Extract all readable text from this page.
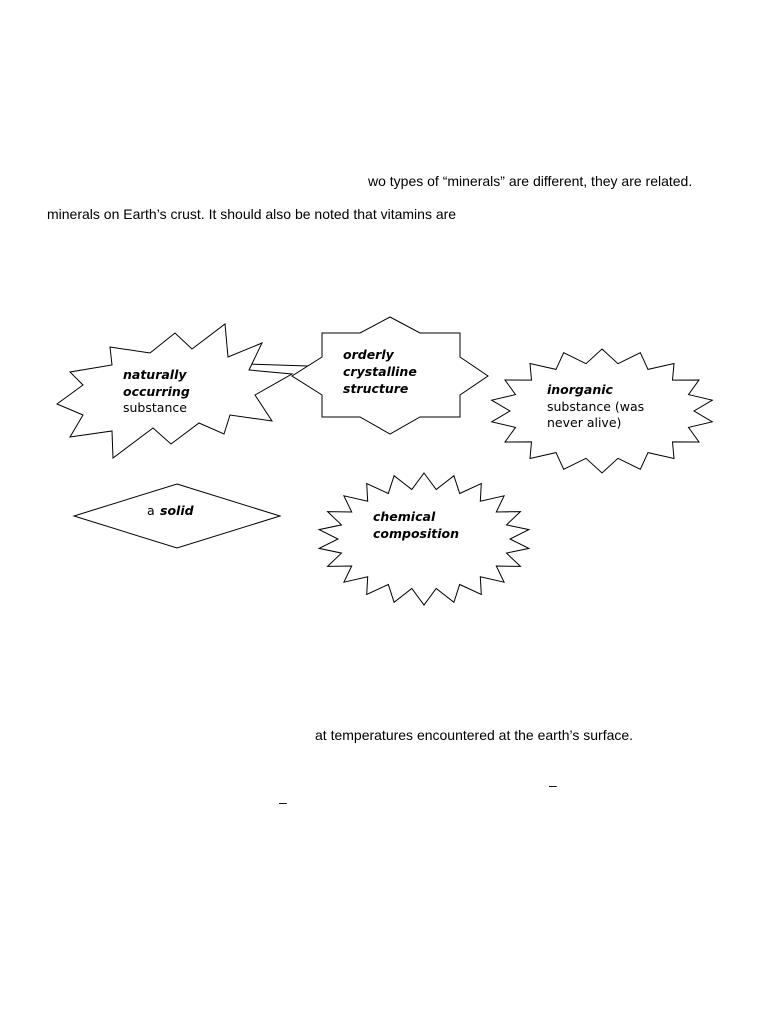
wo types of “minerals” are different, they are related.
minerals on Earth’s crust. It should also be noted that vitamins are
naturally
occurring
substance
orderly
crystalline
structure	inorganic
substance (was
never alive)
a solid	chemical
composition
at temperatures encountered at the earth’s surface.
–
–
